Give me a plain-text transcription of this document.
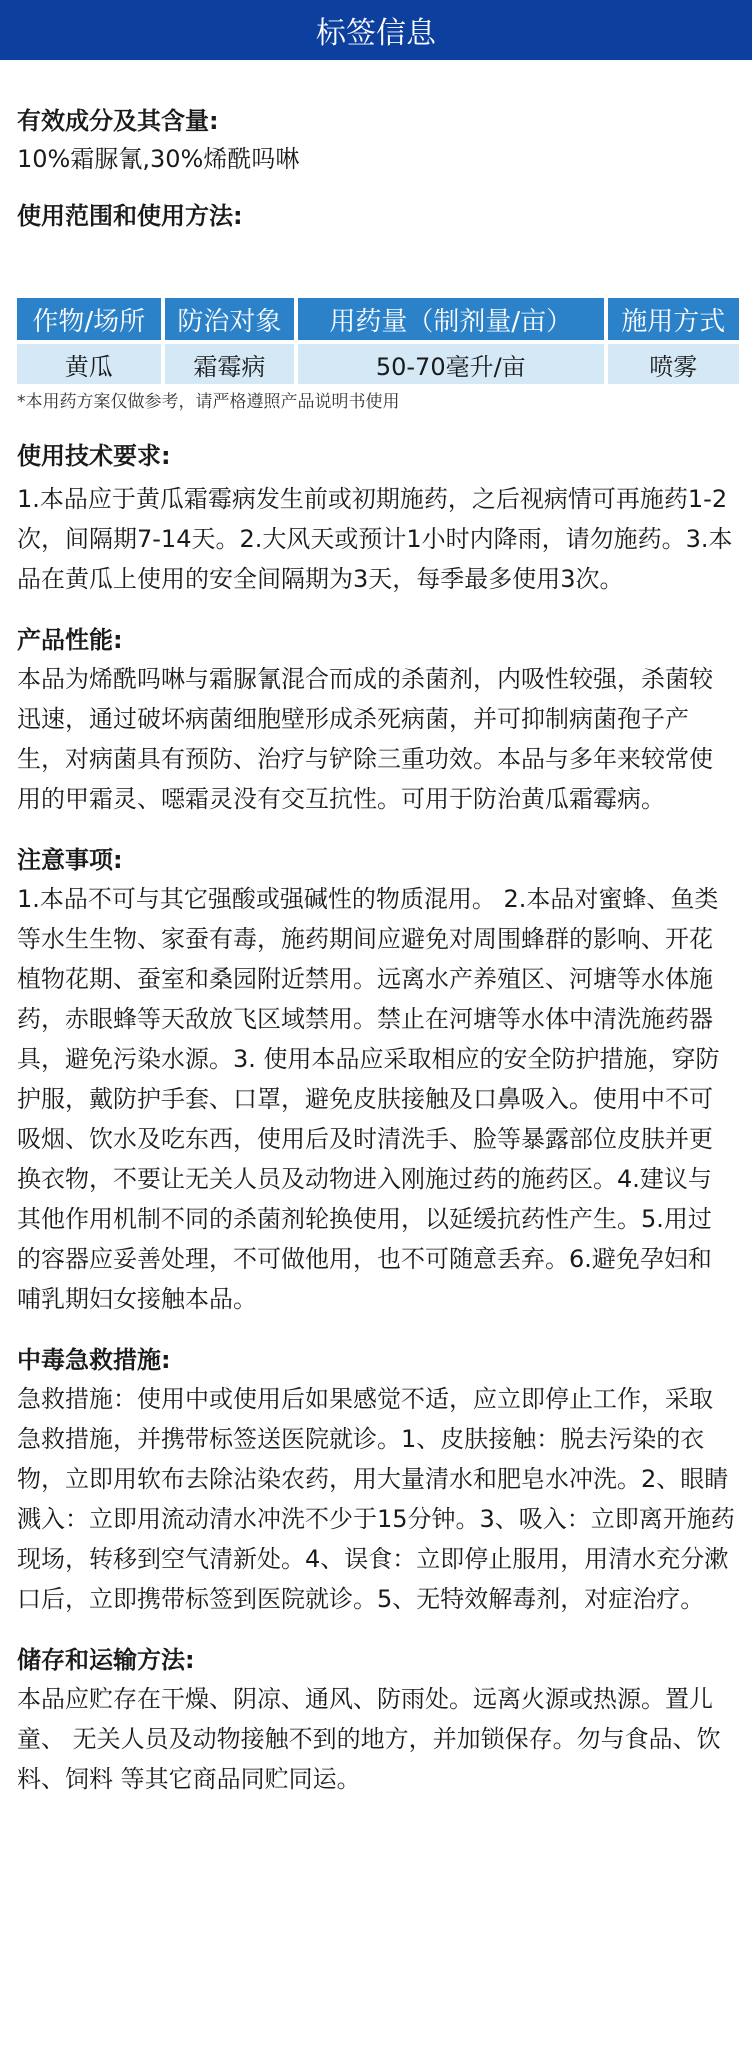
标签信息

有效成分及其含量:

10%霜脲氰,30%烯酰吗啉

使用范围和使用方法:

作物/场所	防治对象	用药量（制剂量/亩）	施用方式
黄瓜	霜霉病	50-70毫升/亩	喷雾

*本用药方案仅做参考，请严格遵照产品说明书使用

使用技术要求:

1.本品应于黄瓜霜霉病发生前或初期施药，之后视病情可再施药1-2次，间隔期7-14天。2.大风天或预计1小时内降雨，请勿施药。3.本品在黄瓜上使用的安全间隔期为3天，每季最多使用3次。

产品性能:

本品为烯酰吗啉与霜脲氰混合而成的杀菌剂，内吸性较强，杀菌较迅速，通过破坏病菌细胞壁形成杀死病菌，并可抑制病菌孢子产生，对病菌具有预防、治疗与铲除三重功效。本品与多年来较常使用的甲霜灵、噁霜灵没有交互抗性。可用于防治黄瓜霜霉病。

注意事项:

1.本品不可与其它强酸或强碱性的物质混用。 2.本品对蜜蜂、鱼类等水生生物、家蚕有毒，施药期间应避免对周围蜂群的影响、开花植物花期、蚕室和桑园附近禁用。远离水产养殖区、河塘等水体施药，赤眼蜂等天敌放飞区域禁用。禁止在河塘等水体中清洗施药器具，避免污染水源。3. 使用本品应采取相应的安全防护措施，穿防护服，戴防护手套、口罩，避免皮肤接触及口鼻吸入。使用中不可吸烟、饮水及吃东西，使用后及时清洗手、脸等暴露部位皮肤并更换衣物，不要让无关人员及动物进入刚施过药的施药区。4.建议与其他作用机制不同的杀菌剂轮换使用，以延缓抗药性产生。5.用过的容器应妥善处理，不可做他用，也不可随意丢弃。6.避免孕妇和哺乳期妇女接触本品。

中毒急救措施:

急救措施：使用中或使用后如果感觉不适，应立即停止工作，采取急救措施，并携带标签送医院就诊。1、皮肤接触：脱去污染的衣物，立即用软布去除沾染农药，用大量清水和肥皂水冲洗。2、眼睛溅入：立即用流动清水冲洗不少于15分钟。3、吸入：立即离开施药现场，转移到空气清新处。4、误食：立即停止服用，用清水充分漱口后，立即携带标签到医院就诊。5、无特效解毒剂，对症治疗。

储存和运输方法:

本品应贮存在干燥、阴凉、通风、防雨处。远离火源或热源。置儿童、 无关人员及动物接触不到的地方，并加锁保存。勿与食品、饮料、饲料 等其它商品同贮同运。
